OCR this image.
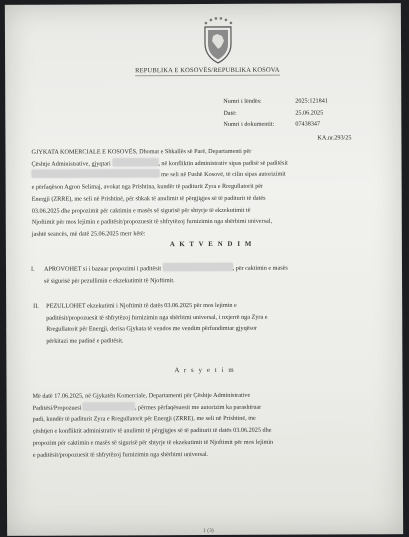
REPUBLIKA E KOSOVËS/REPUBLIKA KOSOVA
Numri i lëndës:	2025:121841
Datë:	25.06.2025
Numri i dokumentit:	07438347
KA.nr.293/25
GJYKATA KOMERCIALE E KOSOVËS, Dhomat e Shkallës së Parë, Departamenti për
Çështje Administrative, gjyqtari	, në konfliktin administrativ sipas padisë së paditësit
me seli në Fushë Kosovë, të cilin sipas autorizimit
e përfaqëson Agron Selimaj, avokat nga Prishtina, kundër të paditurit Zyra e Rregullatorit për
Energji (ZRRE), me seli në Prishtinë, për shkak të anulimit të përgjigjes së të paditurit të datës
03.06.2025 dhe propozimit për caktimin e masës së sigurisë për shtyrje të ekzekutimit të
Njoftimit për mos lejimin e paditësit/propozuesit të shfrytëzoj furnizimin nga shërbimi universal,
jashtë seancës, më datë 25.06.2025 merr këtë:
A K T V E N D I M
I. APROVOHET si i bazuar propozimi i paditësit	, për caktimin e masës
së sigurisë për pezullimin e ekzekutimit të Njoftimit.
II. PEZULLOHET ekzekutimi i Njoftimit të datës 03.06.2025 për mos lejimin e
paditësit/propozuesit të shfrytëzoj furnizimin nga shërbimi universal, i nxjerrë nga Zyra e
Rregullatorit për Energji, derisa Gjykata të vendos me vendim përfundimtar gjyqësor
përkitazi me padinë e paditësit.
A r s y e t i m
Më datë 17.06.2025, në Gjykatën Komerciale, Departamenti për Çështje Administrative
Paditësi/Propozuesi	, përmes përfaqësuesit me autorizim ka parashtruar
padi, kundër të paditurit Zyra e Rregullatorit për Energji (ZRRE), me seli në Prishtinë, me
çështjen e konfliktit administrativ të anulimit të përgjigjes së të paditurit të datës 03.06.2025 dhe
propozim për caktimin e masës së sigurisë për shtyrje të ekzekutimit të Njoftimit për mos lejimin
e paditësit/propozuesit të shfrytëzoj furnizimin nga shërbimi universal.
1 (3)
